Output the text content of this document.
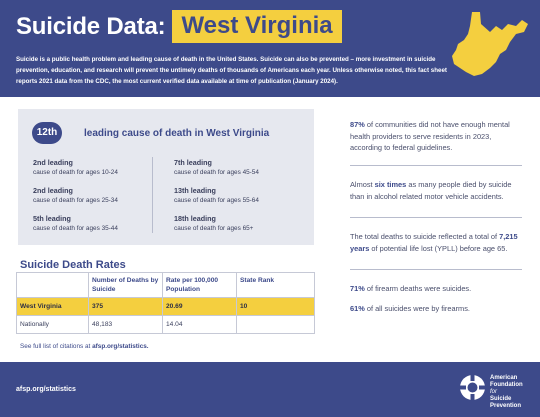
Suicide Data: West Virginia

Suicide is a public health problem and leading cause of death in the United States. Suicide can also be prevented – more investment in suicide prevention, education, and research will prevent the untimely deaths of thousands of Americans each year. Unless otherwise noted, this fact sheet reports 2021 data from the CDC, the most current verified data available at time of publication (January 2024).

12th	leading cause of death in West Virginia
2nd leading
cause of death for ages 10-24
2nd leading
cause of death for ages 25-34
5th leading
cause of death for ages 35-44
7th leading
cause of death for ages 45-54
13th leading
cause of death for ages 55-64
18th leading
cause of death for ages 65+
Suicide Death Rates
	Number of Deaths by Suicide	Rate per 100,000 Population	State Rank
West Virginia	375	20.69	10
Nationally	48,183	14.04	
See full list of citations at afsp.org/statistics.

87% of communities did not have enough mental health providers to serve residents in 2023, according to federal guidelines.

Almost six times as many people died by suicide than in alcohol related motor vehicle accidents.

The total deaths to suicide reflected a total of 7,215 years of potential life lost (YPLL) before age 65.

71% of firearm deaths were suicides.

61% of all suicides were by firearms.

afsp.org/statistics
American
Foundation
for
Suicide
Prevention
